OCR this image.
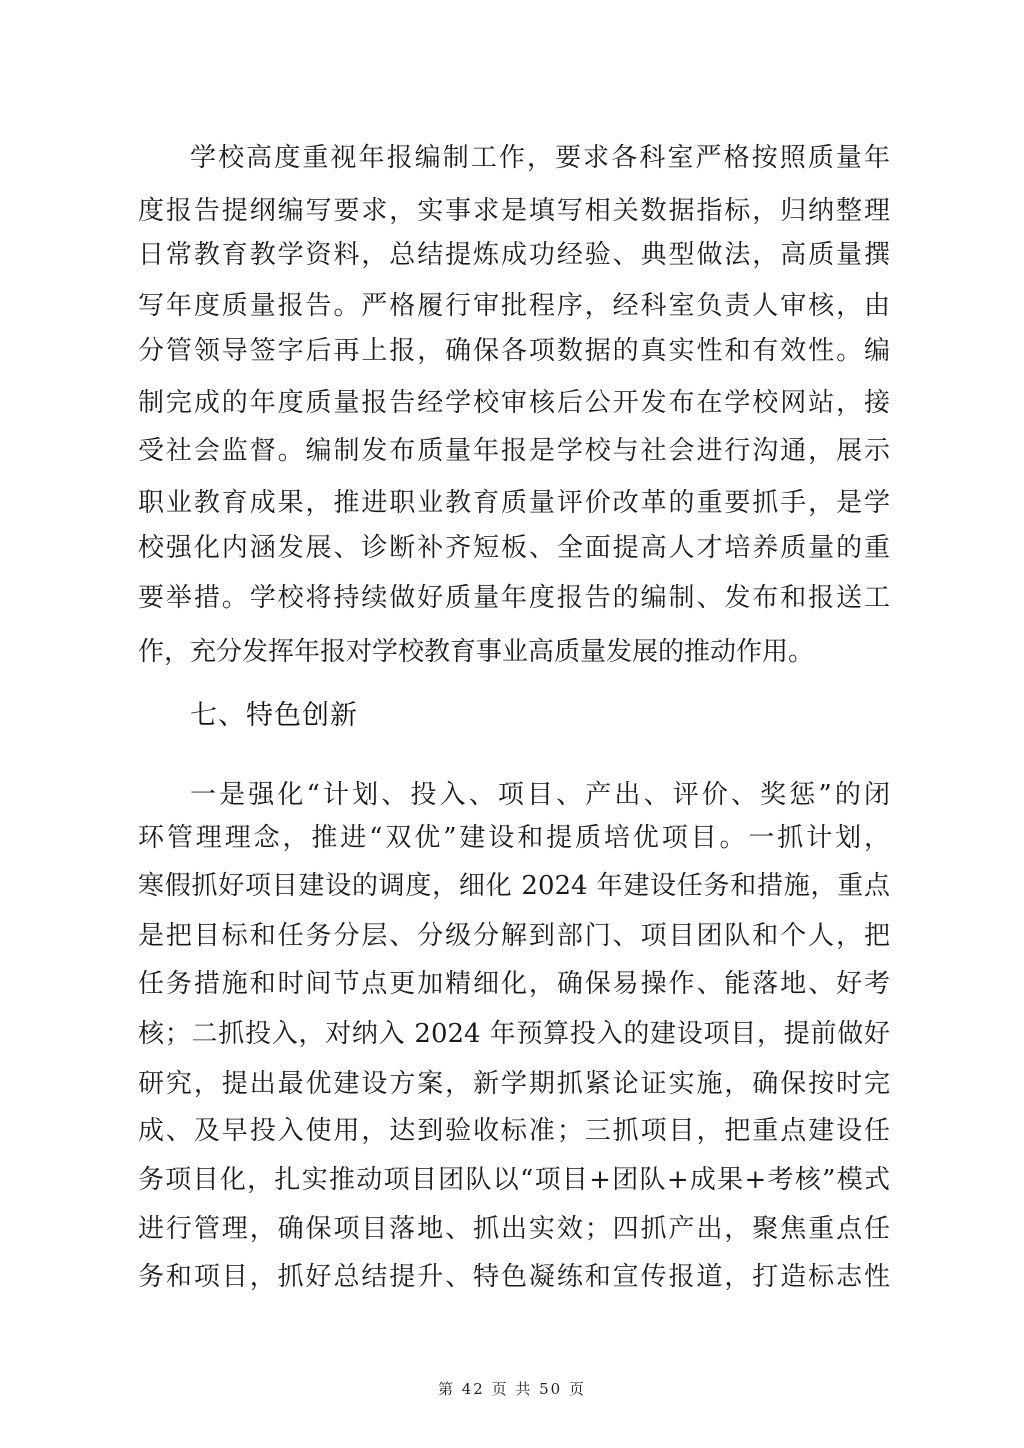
学校高度重视年报编制工作，要求各科室严格按照质量年
度报告提纲编写要求，实事求是填写相关数据指标，归纳整理
日常教育教学资料，总结提炼成功经验、典型做法，高质量撰
写年度质量报告。严格履行审批程序，经科室负责人审核，由
分管领导签字后再上报，确保各项数据的真实性和有效性。编
制完成的年度质量报告经学校审核后公开发布在学校网站，接
受社会监督。编制发布质量年报是学校与社会进行沟通，展示
职业教育成果，推进职业教育质量评价改革的重要抓手，是学
校强化内涵发展、诊断补齐短板、全面提高人才培养质量的重
要举措。学校将持续做好质量年度报告的编制、发布和报送工
作，充分发挥年报对学校教育事业高质量发展的推动作用。
七、特色创新
一是强化“计划、投入、项目、产出、评价、奖惩”的闭
环管理理念，推进“双优”建设和提质培优项目。一抓计划，
寒假抓好项目建设的调度，细化 2024 年建设任务和措施，重点
是把目标和任务分层、分级分解到部门、项目团队和个人，把
任务措施和时间节点更加精细化，确保易操作、能落地、好考
核；二抓投入，对纳入 2024 年预算投入的建设项目，提前做好
研究，提出最优建设方案，新学期抓紧论证实施，确保按时完
成、及早投入使用，达到验收标准；三抓项目，把重点建设任
务项目化，扎实推动项目团队以“项目+团队+成果+考核”模式
进行管理，确保项目落地、抓出实效；四抓产出，聚焦重点任
务和项目，抓好总结提升、特色凝练和宣传报道，打造标志性
第 42 页 共 50 页
